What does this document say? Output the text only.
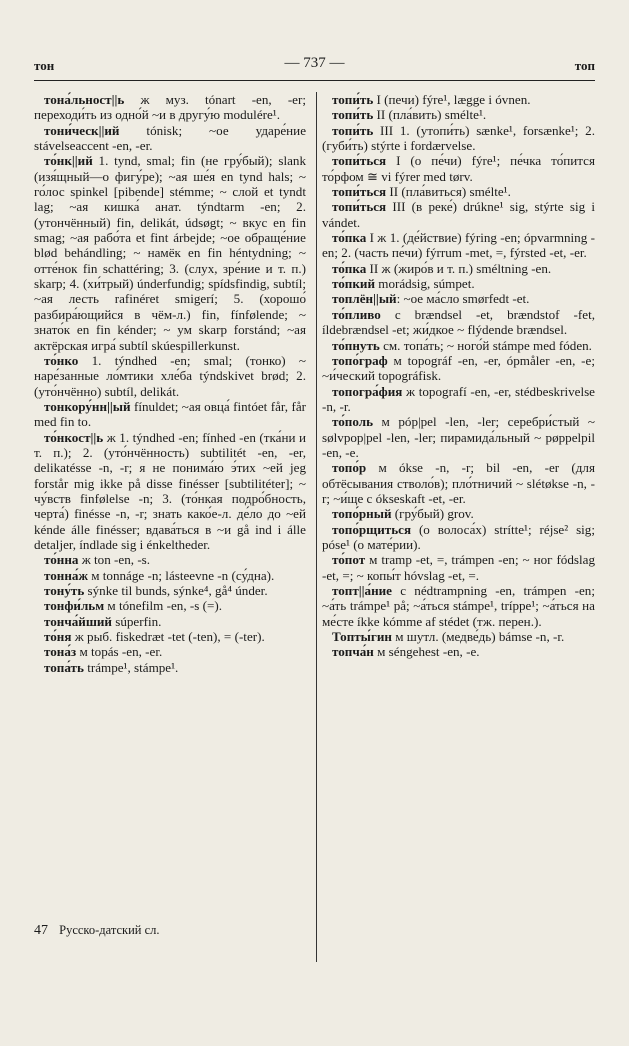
тон	— 737 —	топ

тона́льност||ь ж муз. tónart -en, -er; переходи́ть из одно́й ~и в другу́ю modulére¹.

тони́ческ||ий tónisk; ~ое ударе́ние stávelseaccent -en, -er.

то́нк||ий 1. tynd, smal; fin (не гру́бый); slank (изя́щный—о фигу́ре); ~ая ше́я en tynd hals; ~ го́лос spinkel [pibende] stémme; ~ слой et tyndt lag; ~ая кишка́ анат. týndtarm -en; 2. (утончённый) fin, delikát, údsøgt; ~ вкус en fin smag; ~ая рабо́та et fint árbejde; ~ое обраще́ние blød behándling; ~ намёк en fin héntydning; ~ отте́нок fin schattéring; 3. (слух, зре́ние и т. п.) skarp; 4. (хи́трый) únderfundig; spídsfindig, subtíl; ~ая лесть rafinéret smigerí; 5. (хорошо́ разбира́ющийся в чём-л.) fin, fínfølende; ~ знато́к en fin kénder; ~ ум skarp forstánd; ~ая актёрская игра́ subtíl skúespillerkunst.

то́нко 1. týndhed -en; smal; (тонко) ~ наре́занные ло́мтики хле́ба týndskivet brød; 2. (уто́нчённо) subtíl, delikát.

тонкору́нн||ый fínuldet; ~ая овца́ fintóet får, får med fin to.

то́нкост||ь ж 1. týndhed -en; fínhed -en (тка́ни и т. п.); 2. (уто́нчённость) subtilitét -en, -er, delikatésse -n, -r; я не понима́ю э́тих ~ей jeg forstår mig ikke på disse finésser [subtilitéter]; ~ чу́вств finfølelse -n; 3. (то́нкая подро́бность, черта́) finésse -n, -r; знать како́е-л. де́ло до ~ей kénde álle finésser; вдава́ться в ~и gå ind i álle detaljer, índlade sig i énkeltheder.

то́нна ж ton -en, -s.

тонна́ж м tonnáge -n; lásteevne -n (су́дна).

тону́ть sýnke til bunds, sýnke⁴, gå⁴ únder.

тонфи́льм м tónefilm -en, -s (=).

тонча́йший súperfin.

то́ня ж рыб. fiskedræt -tet (-ten), = (-ter).

тона́з м topás -en, -er.

топа́ть trámpe¹, stámpe¹.

топи́ть I (печи) fýre¹, lægge i óvnen.

топи́ть II (пла́вить) smélte¹.

топи́ть III 1. (утопи́ть) sænke¹, forsænke¹; 2. (губи́ть) stýrte i fordærvelse.

топи́ться I (о пе́чи) fýre¹; пе́чка то́пится то́рфом ≅ vi fýrer med tørv.

топи́ться II (пла́виться) smélte¹.

топи́ться III (в реке́) drúkne¹ sig, stýrte sig i vándet.

то́пка I ж 1. (де́йствие) fýring -en; ópvarmning -en; 2. (часть пе́чи) fýrrum -met, =, fýrsted -et, -er.

то́пка II ж (жиро́в и т. п.) sméltning -en.

то́пкий morádsig, súmpet.

топлён||ый: ~ое ма́сло smørfedt -et.

то́пливо с brændsel -et, brændstof -fet, íldebrændsel -et; жи́дкое ~ flýdende brændsel.

то́пнуть см. топа́ть; ~ ного́й stámpe med fóden.

топо́граф м topográf -en, -er, ópmåler -en, -e; ~и́ческий topográfisk.

топогра́фия ж topografí -en, -er, stédbeskrivelse -n, -r.

то́поль м póp|pel -len, -ler; серебри́стый ~ sølvpop|pel -len, -ler; пирамида́льный ~ pøppelpil -en, -e.

топо́р м ókse -n, -r; bil -en, -er (для обтёсывания стволо́в); пло́тничий ~ slétøkse -n, -r; ~и́ще с ókseskaft -et, -er.

топо́рный (гру́бый) grov.

топо́рщиться (о волоса́х) strítte¹; réjse² sig; póse¹ (о мате́рии).

то́пот м tramp -et, =, trámpen -en; ~ ног fódslag -et, =; ~ копы́т hóvslag -et, =.

топт||а́ние с nédtrampning -en, trámpen -en; ~а́ть trámpe¹ på; ~а́ться stámpe¹, tríppe¹; ~а́ться на ме́сте íkke kómme af stédet (тж. перен.).

Топты́гин м шутл. (медве́дь) bámse -n, -r.

топча́н м séngehest -en, -e.

47 Русско-датский сл.
